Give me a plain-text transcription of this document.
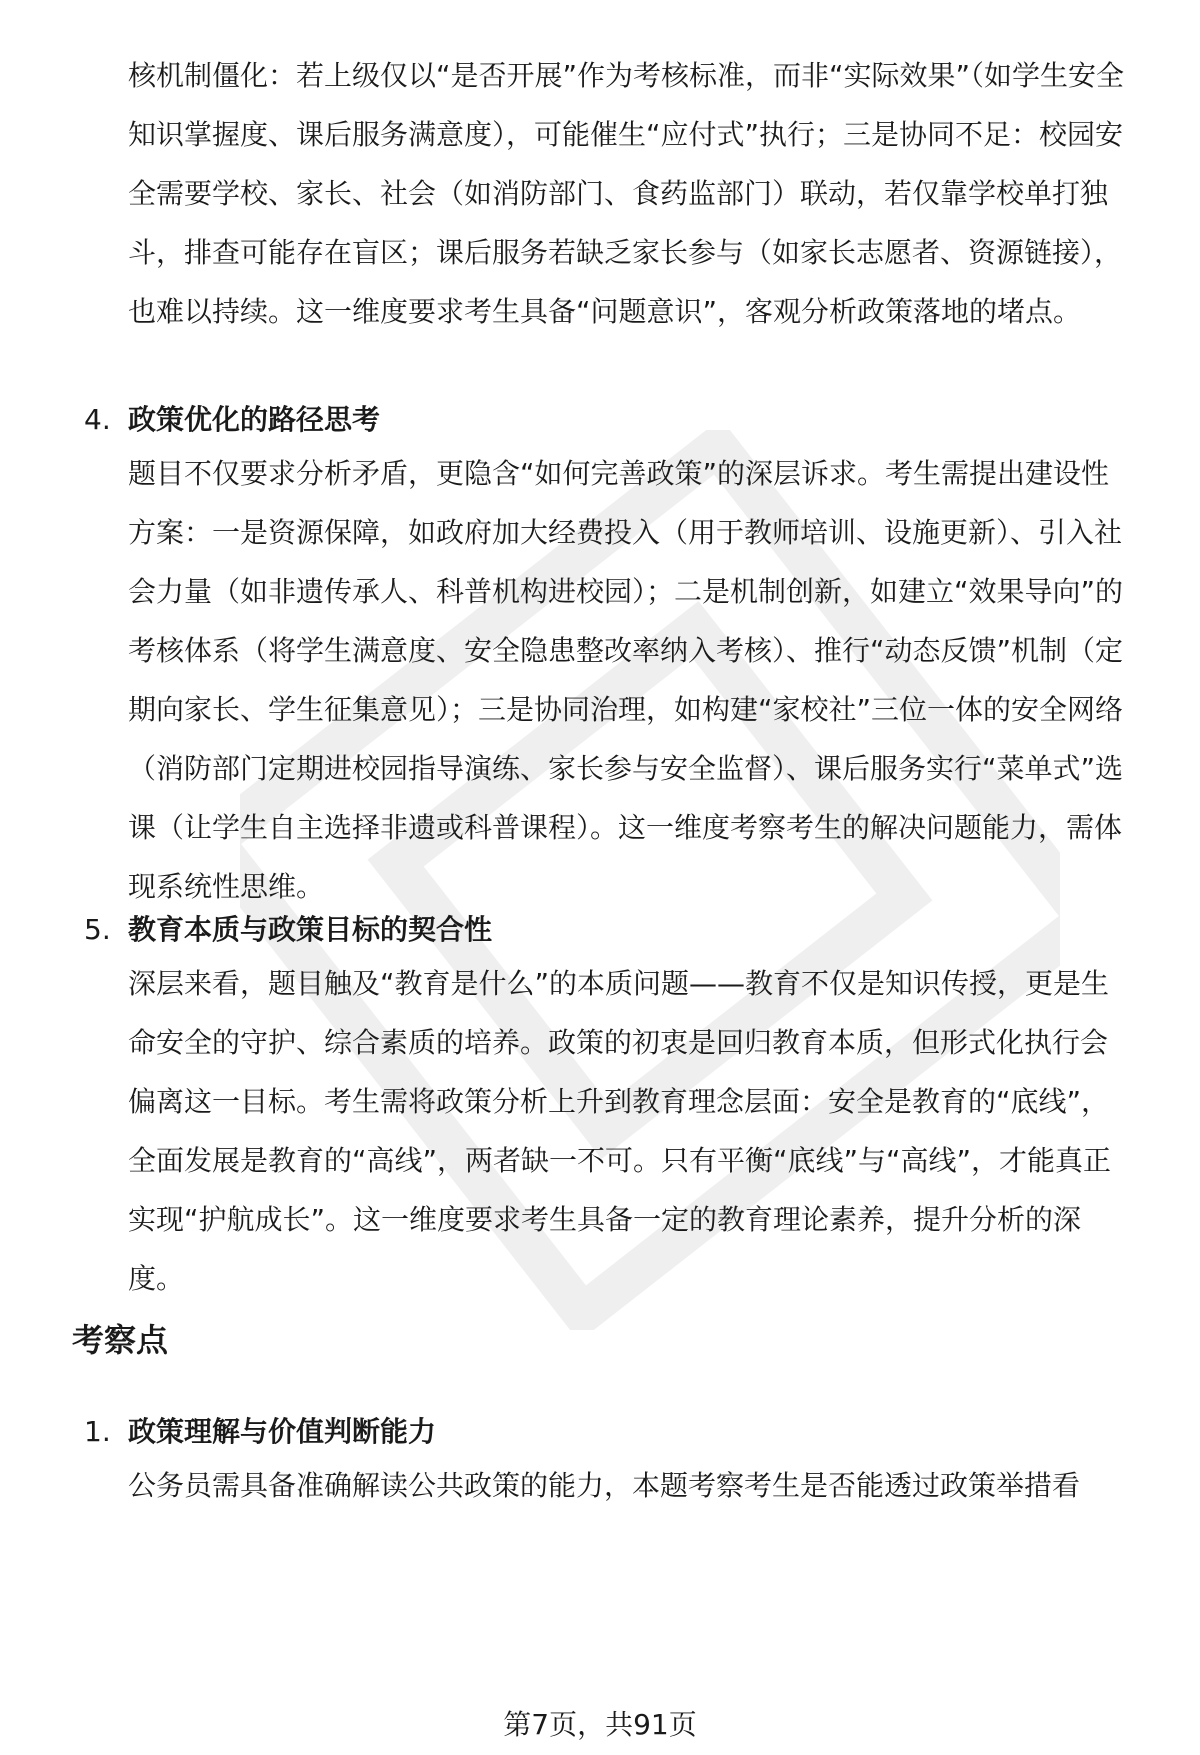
核机制僵化：若上级仅以“是否开展”作为考核标准，而非“实际效果”（如学生安全知识掌握度、课后服务满意度），可能催生“应付式”执行；三是协同不足：校园安全需要学校、家长、社会（如消防部门、食药监部门）联动，若仅靠学校单打独斗，排查可能存在盲区；课后服务若缺乏家长参与（如家长志愿者、资源链接），也难以持续。这一维度要求考生具备“问题意识”，客观分析政策落地的堵点。

4. 政策优化的路径思考

题目不仅要求分析矛盾，更隐含“如何完善政策”的深层诉求。考生需提出建设性方案：一是资源保障，如政府加大经费投入（用于教师培训、设施更新）、引入社会力量（如非遗传承人、科普机构进校园）；二是机制创新，如建立“效果导向”的考核体系（将学生满意度、安全隐患整改率纳入考核）、推行“动态反馈”机制（定期向家长、学生征集意见）；三是协同治理，如构建“家校社”三位一体的安全网络（消防部门定期进校园指导演练、家长参与安全监督）、课后服务实行“菜单式”选课（让学生自主选择非遗或科普课程）。这一维度考察考生的解决问题能力，需体现系统性思维。

5. 教育本质与政策目标的契合性

深层来看，题目触及“教育是什么”的本质问题——教育不仅是知识传授，更是生命安全的守护、综合素质的培养。政策的初衷是回归教育本质，但形式化执行会偏离这一目标。考生需将政策分析上升到教育理念层面：安全是教育的“底线”，全面发展是教育的“高线”，两者缺一不可。只有平衡“底线”与“高线”，才能真正实现“护航成长”。这一维度要求考生具备一定的教育理论素养，提升分析的深度。

考察点

1. 政策理解与价值判断能力

公务员需具备准确解读公共政策的能力，本题考察考生是否能透过政策举措看

第7页，共91页
